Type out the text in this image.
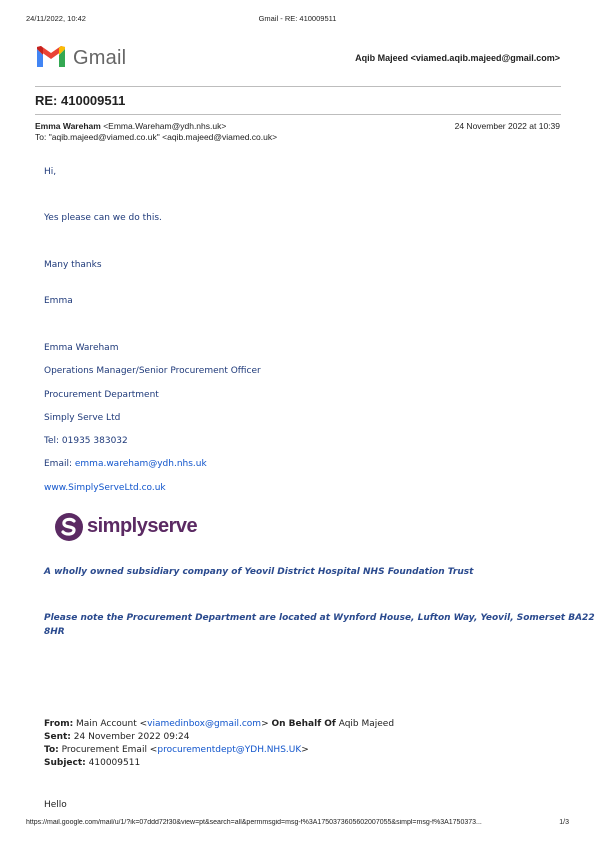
24/11/2022, 10:42	Gmail - RE: 410009511
Gmail	Aqib Majeed <viamed.aqib.majeed@gmail.com>
RE: 410009511
Emma Wareham <Emma.Wareham@ydh.nhs.uk>	24 November 2022 at 10:39
To: "aqib.majeed@viamed.co.uk" <aqib.majeed@viamed.co.uk>
Hi,
Yes please can we do this.
Many thanks
Emma
Emma Wareham
Operations Manager/Senior Procurement Officer
Procurement Department
Simply Serve Ltd
Tel: 01935 383032
Email: emma.wareham@ydh.nhs.uk
www.SimplyServeLtd.co.uk
simplyserve
A wholly owned subsidiary company of Yeovil District Hospital NHS Foundation Trust
Please note the Procurement Department are located at Wynford House, Lufton Way, Yeovil, Somerset BA22
8HR
From: Main Account <viamedinbox@gmail.com> On Behalf Of Aqib Majeed
Sent: 24 November 2022 09:24
To: Procurement Email <procurementdept@YDH.NHS.UK>
Subject: 410009511
Hello
https://mail.google.com/mail/u/1/?ik=07ddd72f30&view=pt&search=all&permmsgid=msg-f%3A1750373605602007055&simpl=msg-f%3A1750373...	1/3
